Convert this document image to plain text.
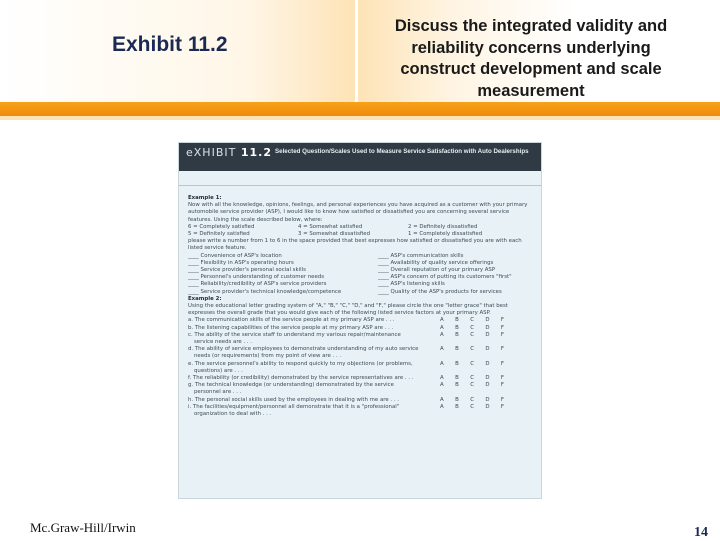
Exhibit 11.2
Discuss the integrated validity and reliability concerns underlying construct development and scale measurement
eXHIBIT 11.2 Selected Question/Scales Used to Measure Service Satisfaction with Auto Dealerships
Example 1:
Now with all the knowledge, opinions, feelings, and personal experiences you have acquired as a customer with your primary automobile service provider (ASP), I would like to know how satisfied or dissatisfied you are concerning several service features. Using the scale described below, where:
6 = Completely satisfied	4 = Somewhat satisfied	2 = Definitely dissatisfied
5 = Definitely satisfied	3 = Somewhat dissatisfied	1 = Completely dissatisfied
please write a number from 1 to 6 in the space provided that best expresses how satisfied or dissatisfied you are with each listed service feature.
____ Convenience of ASP's location	____ ASP's communication skills
____ Flexibility in ASP's operating hours	____ Availability of quality service offerings
____ Service provider's personal social skills	____ Overall reputation of your primary ASP
____ Personnel's understanding of customer needs	____ ASP's concern of putting its customers "first"
____ Reliability/credibility of ASP's service providers	____ ASP's listening skills
____ Service provider's technical knowledge/competence	____ Quality of the ASP's products for services
Example 2:
Using the educational letter grading system of "A," "B," "C," "D," and "F," please circle the one "letter grace" that best expresses the overall grade that you would give each of the following listed service factors at your primary ASP.
a. The communication skills of the service people at my primary ASP are . . .	A B C D F
b. The listening capabilities of the service people at my primary ASP are . . .	A B C D F
c. The ability of the service staff to understand my various repair/maintenance	A B C D F
service needs are . . .
d. The ability of service employees to demonstrate understanding of my auto service	A B C D F
needs (or requirements) from my point of view are . . .
e. The service personnel's ability to respond quickly to my objections (or problems,	A B C D F
questions) are . . .
f. The reliability (or credibility) demonstrated by the service representatives are . . .	A B C D F
g. The technical knowledge (or understanding) demonstrated by the service	A B C D F
personnel are . . .
h. The personal social skills used by the employees in dealing with me are . . .	A B C D F
i. The facilities/equipment/personnel all demonstrate that it is a "professional"	A B C D F
organization to deal with . . .
Mc.Graw-Hill/Irwin	14
